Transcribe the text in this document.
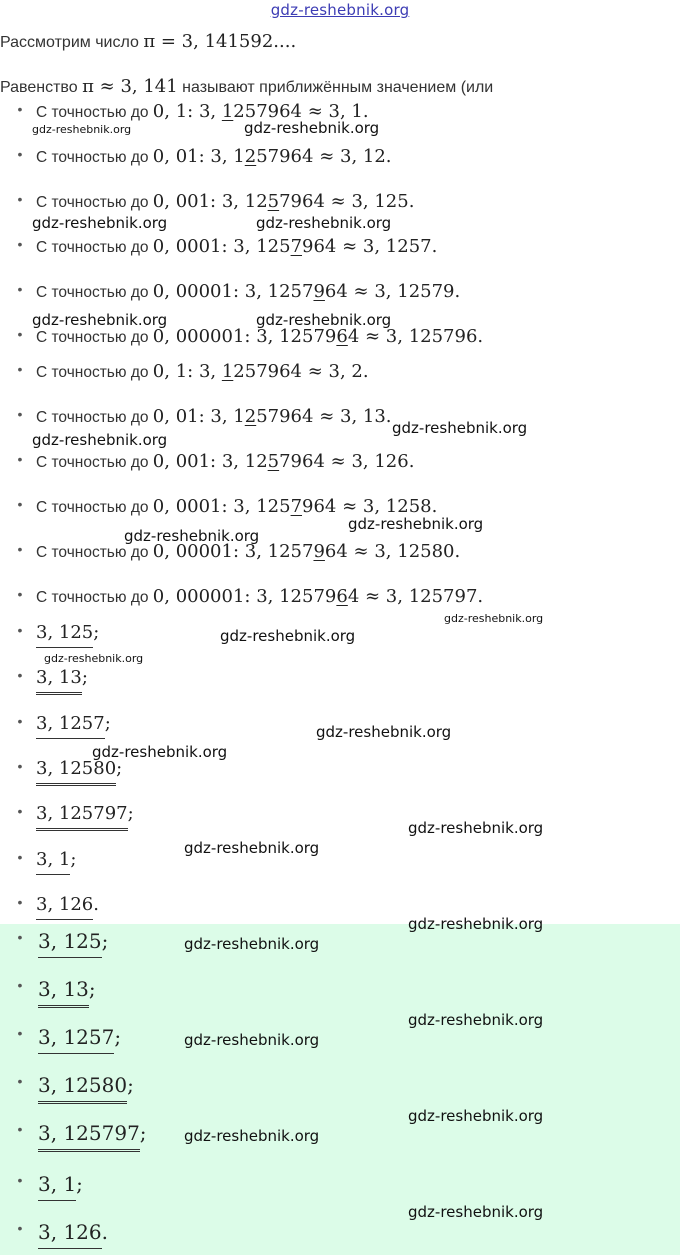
gdz-reshebnik.org
Рассмотрим число π = 3, 141592....
Равенство π ≈ 3, 141 называют приближённым значением (или
• С точностью до 0, 1: 3, 1257964 ≈ 3, 1.
• С точностью до 0, 01: 3, 1257964 ≈ 3, 12.
• С точностью до 0, 001: 3, 1257964 ≈ 3, 125.
• С точностью до 0, 0001: 3, 1257964 ≈ 3, 1257.
• С точностью до 0, 00001: 3, 1257964 ≈ 3, 12579.
• С точностью до 0, 000001: 3, 1257964 ≈ 3, 125796.
• С точностью до 0, 1: 3, 1257964 ≈ 3, 2.
• С точностью до 0, 01: 3, 1257964 ≈ 3, 13.
• С точностью до 0, 001: 3, 1257964 ≈ 3, 126.
• С точностью до 0, 0001: 3, 1257964 ≈ 3, 1258.
• С точностью до 0, 00001: 3, 1257964 ≈ 3, 12580.
• С точностью до 0, 000001: 3, 1257964 ≈ 3, 125797.
• 3, 125;
• 3, 13;
• 3, 1257;
• 3, 12580;
• 3, 125797;
• 3, 1;
• 3, 126.
• 3, 125;
• 3, 13;
• 3, 1257;
• 3, 12580;
• 3, 125797;
• 3, 1;
• 3, 126.
gdz-reshebnik.org	gdz-reshebnik.org
gdz-reshebnik.org	gdz-reshebnik.org
gdz-reshebnik.org	gdz-reshebnik.org
gdz-reshebnik.org
gdz-reshebnik.org
gdz-reshebnik.org
gdz-reshebnik.org
gdz-reshebnik.org
gdz-reshebnik.org
gdz-reshebnik.org
gdz-reshebnik.org
gdz-reshebnik.org
gdz-reshebnik.org
gdz-reshebnik.org
gdz-reshebnik.org
gdz-reshebnik.org
gdz-reshebnik.org
gdz-reshebnik.org
gdz-reshebnik.org
gdz-reshebnik.org
gdz-reshebnik.org
